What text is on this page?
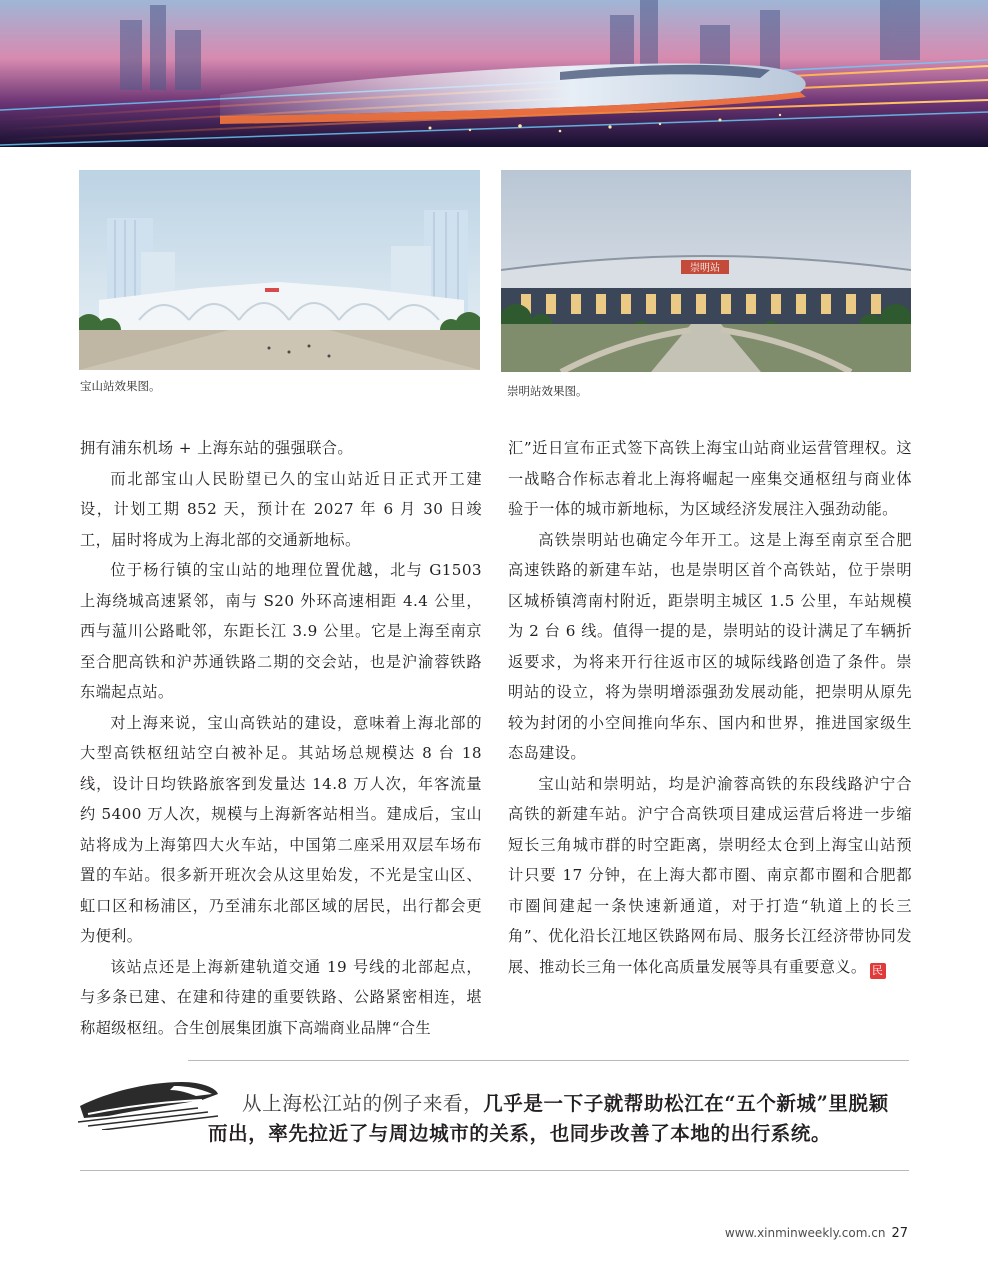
宝山站效果图。
崇明站
崇明站效果图。

拥有浦东机场 + 上海东站的强强联合。

而北部宝山人民盼望已久的宝山站近日正式开工建设，计划工期 852 天，预计在 2027 年 6 月 30 日竣工，届时将成为上海北部的交通新地标。

位于杨行镇的宝山站的地理位置优越，北与 G1503 上海绕城高速紧邻，南与 S20 外环高速相距 4.4 公里，西与蕰川公路毗邻，东距长江 3.9 公里。它是上海至南京至合肥高铁和沪苏通铁路二期的交会站，也是沪渝蓉铁路东端起点站。

对上海来说，宝山高铁站的建设，意味着上海北部的大型高铁枢纽站空白被补足。其站场总规模达 8 台 18 线，设计日均铁路旅客到发量达 14.8 万人次，年客流量约 5400 万人次，规模与上海新客站相当。建成后，宝山站将成为上海第四大火车站，中国第二座采用双层车场布置的车站。很多新开班次会从这里始发，不光是宝山区、虹口区和杨浦区，乃至浦东北部区域的居民，出行都会更为便利。

该站点还是上海新建轨道交通 19 号线的北部起点，与多条已建、在建和待建的重要铁路、公路紧密相连，堪称超级枢纽。合生创展集团旗下高端商业品牌“合生

汇”近日宣布正式签下高铁上海宝山站商业运营管理权。这一战略合作标志着北上海将崛起一座集交通枢纽与商业体验于一体的城市新地标，为区域经济发展注入强劲动能。

高铁崇明站也确定今年开工。这是上海至南京至合肥高速铁路的新建车站，也是崇明区首个高铁站，位于崇明区城桥镇湾南村附近，距崇明主城区 1.5 公里，车站规模为 2 台 6 线。值得一提的是，崇明站的设计满足了车辆折返要求，为将来开行往返市区的城际线路创造了条件。崇明站的设立，将为崇明增添强劲发展动能，把崇明从原先较为封闭的小空间推向华东、国内和世界，推进国家级生态岛建设。

宝山站和崇明站，均是沪渝蓉高铁的东段线路沪宁合高铁的新建车站。沪宁合高铁项目建成运营后将进一步缩短长三角城市群的时空距离，崇明经太仓到上海宝山站预计只要 17 分钟，在上海大都市圈、南京都市圈和合肥都市圈间建起一条快速新通道，对于打造“轨道上的长三角”、优化沿长江地区铁路网布局、服务长江经济带协同发展、推动长三角一体化高质量发展等具有重要意义。 民

从上海松江站的例子来看，几乎是一下子就帮助松江在“五个新城”里脱颖而出，率先拉近了与周边城市的关系，也同步改善了本地的出行系统。
www.xinminweekly.com.cn 27
